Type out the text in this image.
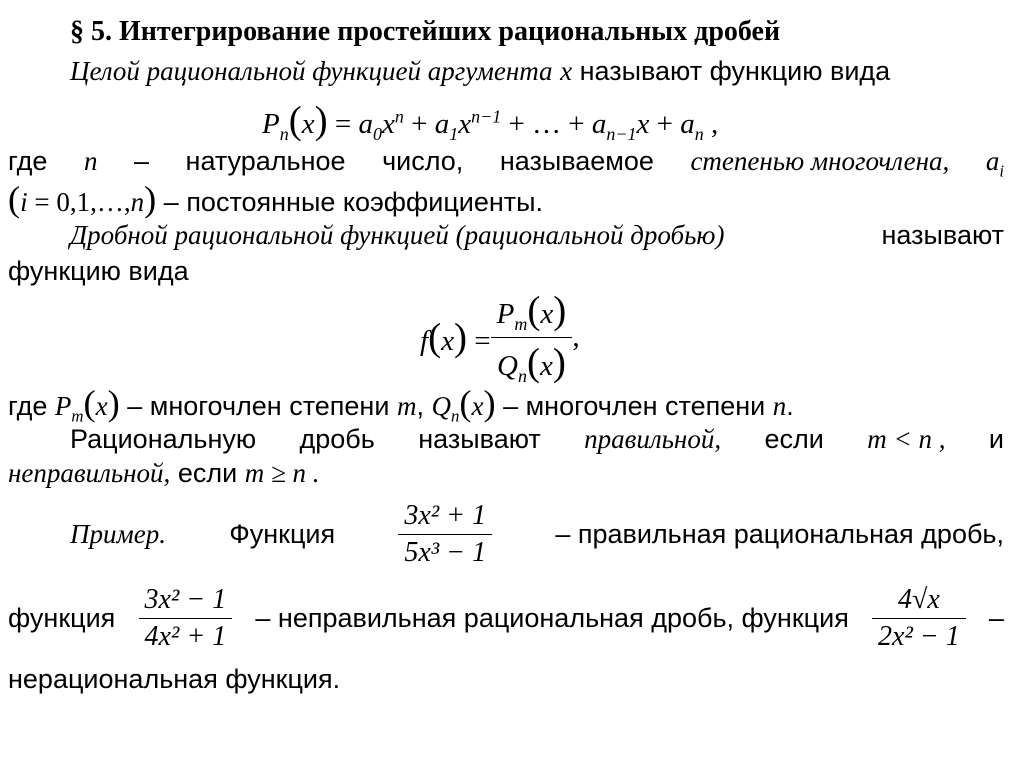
§ 5. Интегрирование простейших рациональных дробей
Целой рациональной функцией аргумента x называют функцию вида
$P_n(x) = a_0x^n + a_1x^{n-1}$ + … + $a_{n-1}x + a_n$ ,
где n – натуральное число, называемое степенью многочлена, $a_i$
(i = 0,1,…,n) – постоянные коэффициенты.
Дробной рациональной функцией (рациональной дробью)	называют
функцию вида
$f(x) = \frac{P_m(x)}{Q_n(x)}$ ,
где $P_m(x)$ – многочлен степени m, $Q_n(x)$ – многочлен степени n.
Рациональную дробь называют правильной, если m < n , и
неправильной, если m ≥ n .
Пример. Функция $\frac{\text{3x² + 1}}{\text{5x³ − 1}}$ – правильная рациональная дробь,
функция $\frac{\text{3x² − 1}}{\text{4x² + 1}}$ – неправильная рациональная дробь, функция $\frac{4√x}{\text{2x² − 1}}$ –
нерациональная функция.
